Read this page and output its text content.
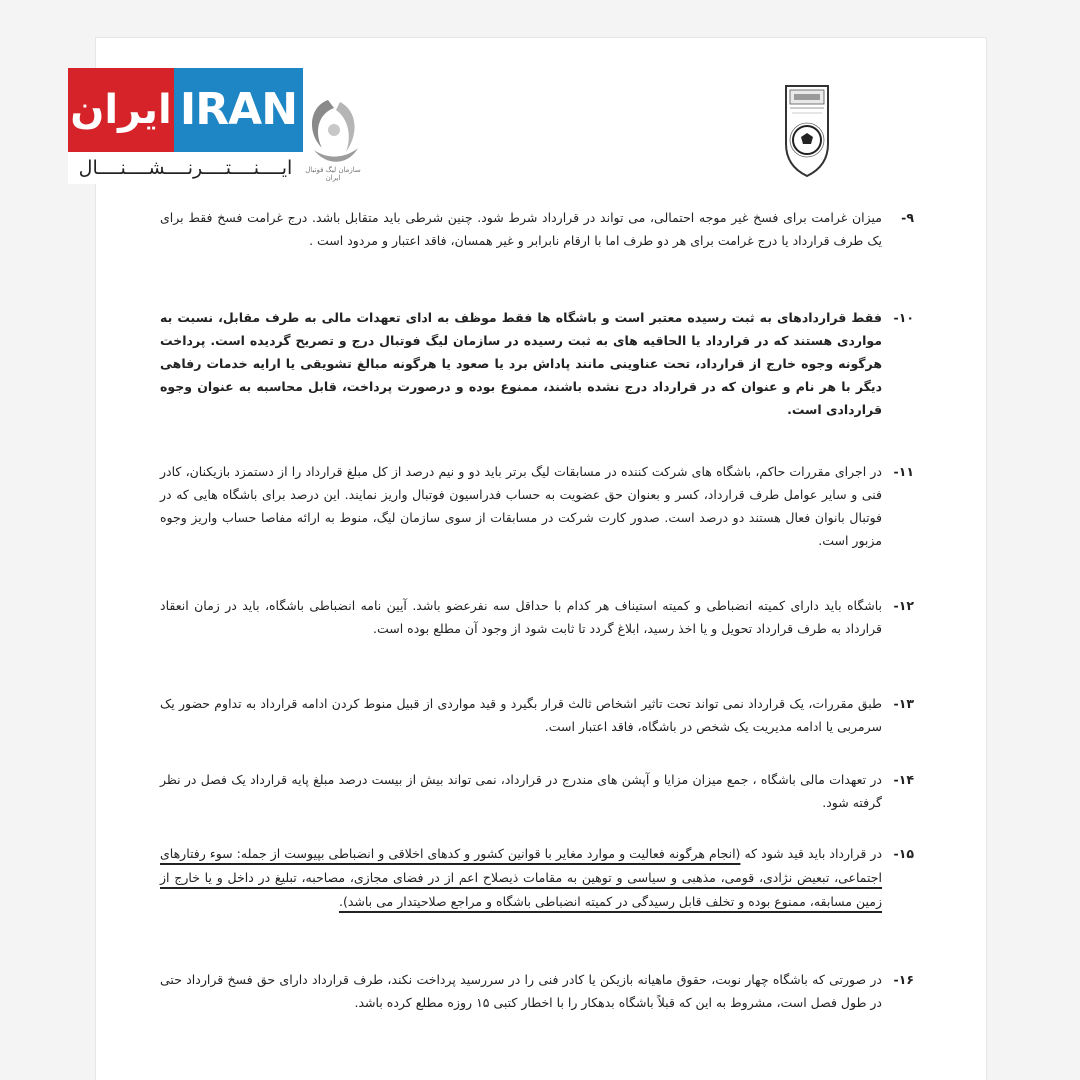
ایران IRAN
ایــــنــــتــــرنــــشــــنــــال	سازمان لیگ فوتبال ایران
۹-
میزان غرامت برای فسخ غیر موجه احتمالی، می تواند در قرارداد شرط شود. چنین شرطی باید متقابل باشد. درج غرامت فسخ فقط برای یک طرف قرارداد یا درج غرامت برای هر دو طرف اما با ارقام نابرابر و غیر همسان، فاقد اعتبار و مردود است .
۱۰-
فقط قراردادهای به ثبت رسیده معتبر است و باشگاه ها فقط موظف به ادای تعهدات مالی به طرف مقابل، نسبت به مواردی هستند که در قرارداد یا الحاقیه های به ثبت رسیده در سازمان لیگ فوتبال درج و تصریح گردیده است. پرداخت هرگونه وجوه خارج از قرارداد، تحت عناوینی مانند پاداش برد یا صعود یا هرگونه مبالغ تشویقی یا ارایه خدمات رفاهی دیگر با هر نام و عنوان که در قرارداد درج نشده باشند، ممنوع بوده و درصورت پرداخت، قابل محاسبه به عنوان وجوه قراردادی است.
۱۱-
در اجرای مقررات حاکم، باشگاه های شرکت کننده در مسابقات لیگ برتر باید دو و نیم درصد از کل مبلغ قرارداد را از دستمزد بازیکنان، کادر فنی و سایر عوامل طرف قرارداد، کسر و بعنوان حق عضویت به حساب فدراسیون فوتبال واریز نمایند. این درصد برای باشگاه هایی که در فوتبال بانوان فعال هستند دو درصد است. صدور کارت شرکت در مسابقات از سوی سازمان لیگ، منوط به ارائه مفاصا حساب واریز وجوه مزبور است.
۱۲-
باشگاه باید دارای کمیته انضباطی و کمیته استیناف هر کدام با حداقل سه نفرعضو باشد. آیین نامه انضباطی باشگاه، باید در زمان انعقاد قرارداد به طرف قرارداد تحویل و یا اخذ رسید، ابلاغ گردد تا ثابت شود از وجود آن مطلع بوده است.
۱۳-
طبق مقررات، یک قرارداد نمی تواند تحت تاثیر اشخاص ثالث قرار بگیرد و قید مواردی از قبیل منوط کردن ادامه قرارداد به تداوم حضور یک سرمربی یا ادامه مدیریت یک شخص در باشگاه، فاقد اعتبار است.
۱۴-
در تعهدات مالی باشگاه ، جمع میزان مزایا و آپشن های مندرج در قرارداد، نمی تواند بیش از بیست درصد مبلغ پایه قرارداد یک فصل در نظر گرفته شود.
۱۵-
در قرارداد باید قید شود که (انجام هرگونه فعالیت و موارد مغایر با قوانین کشور و کدهای اخلاقی و انضباطی بپیوست از جمله: سوء رفتارهای اجتماعی، تبعیض نژادی، قومی، مذهبی و سیاسی و توهین به مقامات ذیصلاح اعم از در فضای مجازی، مصاحبه، تبلیغ در داخل و یا خارج از زمین مسابقه، ممنوع بوده و تخلف قابل رسیدگی در کمیته انضباطی باشگاه و مراجع صلاحیتدار می باشد).
۱۶-
در صورتی که باشگاه چهار نوبت، حقوق ماهیانه بازیکن یا کادر فنی را در سررسید پرداخت نکند، طرف قرارداد دارای حق فسخ قرارداد حتی در طول فصل است، مشروط به این که قبلاً باشگاه بدهکار را با اخطار کتبی ۱۵ روزه مطلع کرده باشد.
